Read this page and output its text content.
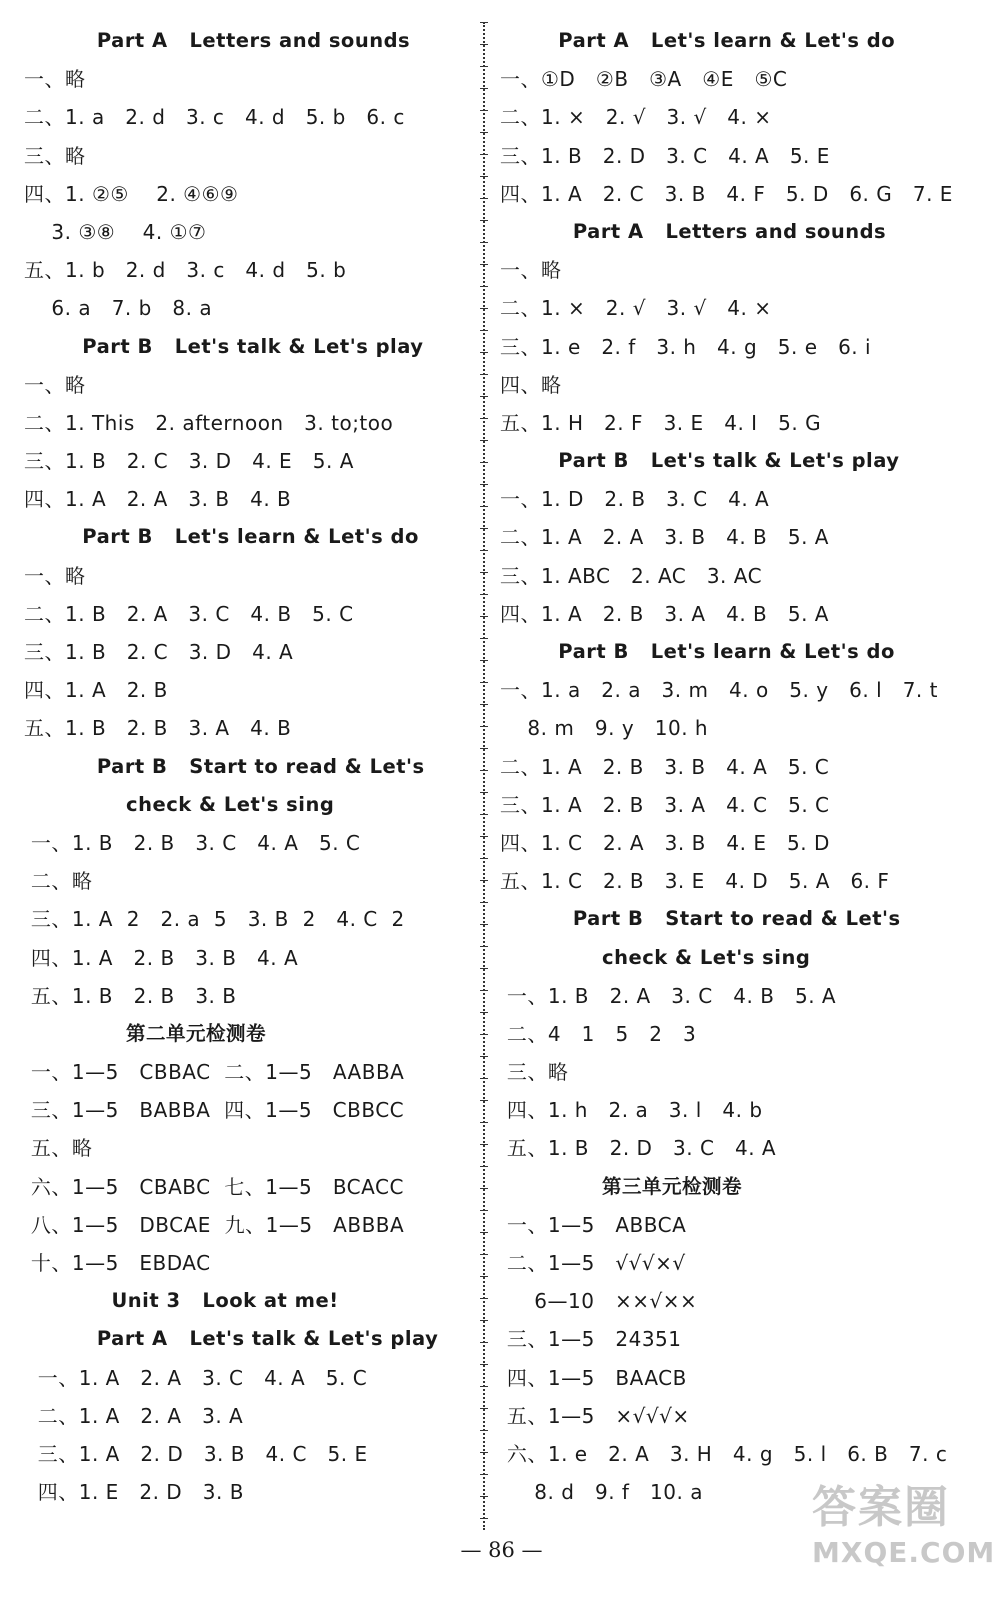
Part A   Letters and sounds
一、略
二、1. a   2. d   3. c   4. d   5. b   6. c
三、略
四、1. ②⑤    2. ④⑥⑨
3. ③⑧    4. ①⑦
五、1. b   2. d   3. c   4. d   5. b
6. a   7. b   8. a
Part B   Let's talk & Let's play
一、略
二、1. This   2. afternoon   3. to;too
三、1. B   2. C   3. D   4. E   5. A
四、1. A   2. A   3. B   4. B
Part B   Let's learn & Let's do
一、略
二、1. B   2. A   3. C   4. B   5. C
三、1. B   2. C   3. D   4. A
四、1. A   2. B
五、1. B   2. B   3. A   4. B
Part B   Start to read & Let's
check & Let's sing
一、1. B   2. B   3. C   4. A   5. C
二、略
三、1. A  2   2. a  5   3. B  2   4. C  2
四、1. A   2. B   3. B   4. A
五、1. B   2. B   3. B
第二单元检测卷
一、1—5   CBBAC  二、1—5   AABBA
三、1—5   BABBA  四、1—5   CBBCC
五、略
六、1—5   CBABC  七、1—5   BCACC
八、1—5   DBCAE  九、1—5   ABBBA
十、1—5   EBDAC
Unit 3   Look at me!
Part A   Let's talk & Let's play
一、1. A   2. A   3. C   4. A   5. C
二、1. A   2. A   3. A
三、1. A   2. D   3. B   4. C   5. E
四、1. E   2. D   3. B
Part A   Let's learn & Let's do
一、①D   ②B   ③A   ④E   ⑤C
二、1. ×   2. √   3. √   4. ×
三、1. B   2. D   3. C   4. A   5. E
四、1. A   2. C   3. B   4. F   5. D   6. G   7. E
Part A   Letters and sounds
一、略
二、1. ×   2. √   3. √   4. ×
三、1. e   2. f   3. h   4. g   5. e   6. i
四、略
五、1. H   2. F   3. E   4. I   5. G
Part B   Let's talk & Let's play
一、1. D   2. B   3. C   4. A
二、1. A   2. A   3. B   4. B   5. A
三、1. ABC   2. AC   3. AC
四、1. A   2. B   3. A   4. B   5. A
Part B   Let's learn & Let's do
一、1. a   2. a   3. m   4. o   5. y   6. l   7. t
8. m   9. y   10. h
二、1. A   2. B   3. B   4. A   5. C
三、1. A   2. B   3. A   4. C   5. C
四、1. C   2. A   3. B   4. E   5. D
五、1. C   2. B   3. E   4. D   5. A   6. F
Part B   Start to read & Let's
check & Let's sing
一、1. B   2. A   3. C   4. B   5. A
二、4   1   5   2   3
三、略
四、1. h   2. a   3. l   4. b
五、1. B   2. D   3. C   4. A
第三单元检测卷
一、1—5   ABBCA
二、1—5   √√√×√
6—10   ××√××
三、1—5   24351
四、1—5   BAACB
五、1—5   ×√√√×
六、1. e   2. A   3. H   4. g   5. l   6. B   7. c
8. d   9. f   10. a
— 86 —
答案圈
MXQE.COM
